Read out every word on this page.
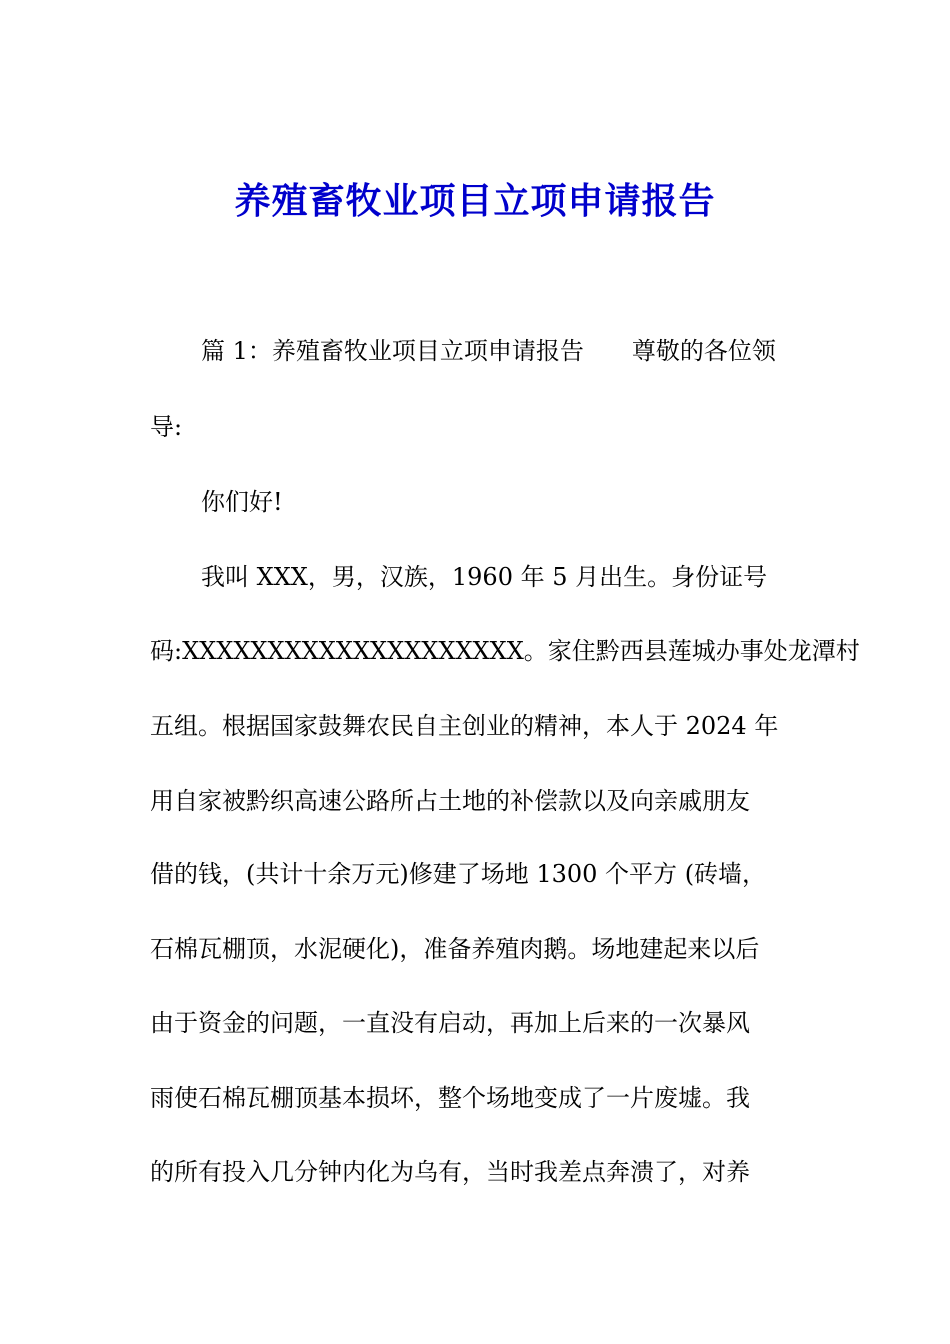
养殖畜牧业项目立项申请报告
篇 1：养殖畜牧业项目立项申请报告　　尊敬的各位领
导:
你们好!
我叫 XXX，男，汉族，1960 年 5 月出生。身份证号
码:XXXXXXXXXXXXXXXXXXXX。家住黔西县莲城办事处龙潭村
五组。根据国家鼓舞农民自主创业的精神，本人于 2024 年
用自家被黔织高速公路所占土地的补偿款以及向亲戚朋友
借的钱，(共计十余万元)修建了场地 1300 个平方 (砖墙，
石棉瓦棚顶，水泥硬化)，准备养殖肉鹅。场地建起来以后
由于资金的问题，一直没有启动，再加上后来的一次暴风
雨使石棉瓦棚顶基本损坏，整个场地变成了一片废墟。我
的所有投入几分钟内化为乌有，当时我差点奔溃了，对养
